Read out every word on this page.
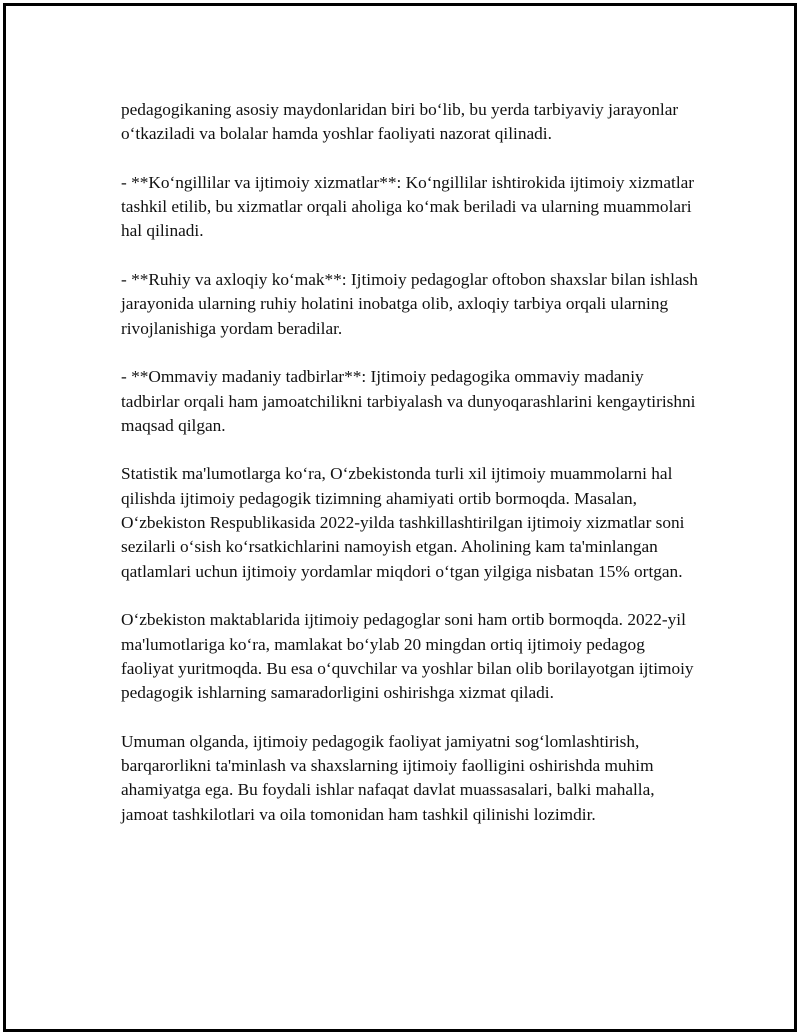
pedagogikaning asosiy maydonlaridan biri bo‘lib, bu yerda tarbiyaviy jarayonlar o‘tkaziladi va bolalar hamda yoshlar faoliyati nazorat qilinadi.

- **Ko‘ngillilar va ijtimoiy xizmatlar**: Ko‘ngillilar ishtirokida ijtimoiy xizmatlar tashkil etilib, bu xizmatlar orqali aholiga ko‘mak beriladi va ularning muammolari hal qilinadi.

- **Ruhiy va axloqiy ko‘mak**: Ijtimoiy pedagoglar oftobon shaxslar bilan ishlash jarayonida ularning ruhiy holatini inobatga olib, axloqiy tarbiya orqali ularning rivojlanishiga yordam beradilar.

- **Ommaviy madaniy tadbirlar**: Ijtimoiy pedagogika ommaviy madaniy tadbirlar orqali ham jamoatchilikni tarbiyalash va dunyoqarashlarini kengaytirishni maqsad qilgan.

Statistik ma'lumotlarga ko‘ra, O‘zbekistonda turli xil ijtimoiy muammolarni hal qilishda ijtimoiy pedagogik tizimning ahamiyati ortib bormoqda. Masalan, O‘zbekiston Respublikasida 2022-yilda tashkillashtirilgan ijtimoiy xizmatlar soni sezilarli o‘sish ko‘rsatkichlarini namoyish etgan. Aholining kam ta'minlangan qatlamlari uchun ijtimoiy yordamlar miqdori o‘tgan yilgiga nisbatan 15% ortgan.

O‘zbekiston maktablarida ijtimoiy pedagoglar soni ham ortib bormoqda. 2022-yil ma'lumotlariga ko‘ra, mamlakat bo‘ylab 20 mingdan ortiq ijtimoiy pedagog faoliyat yuritmoqda. Bu esa o‘quvchilar va yoshlar bilan olib borilayotgan ijtimoiy pedagogik ishlarning samaradorligini oshirishga xizmat qiladi.

Umuman olganda, ijtimoiy pedagogik faoliyat jamiyatni sog‘lomlashtirish, barqarorlikni ta'minlash va shaxslarning ijtimoiy faolligini oshirishda muhim ahamiyatga ega. Bu foydali ishlar nafaqat davlat muassasalari, balki mahalla, jamoat tashkilotlari va oila tomonidan ham tashkil qilinishi lozimdir.
